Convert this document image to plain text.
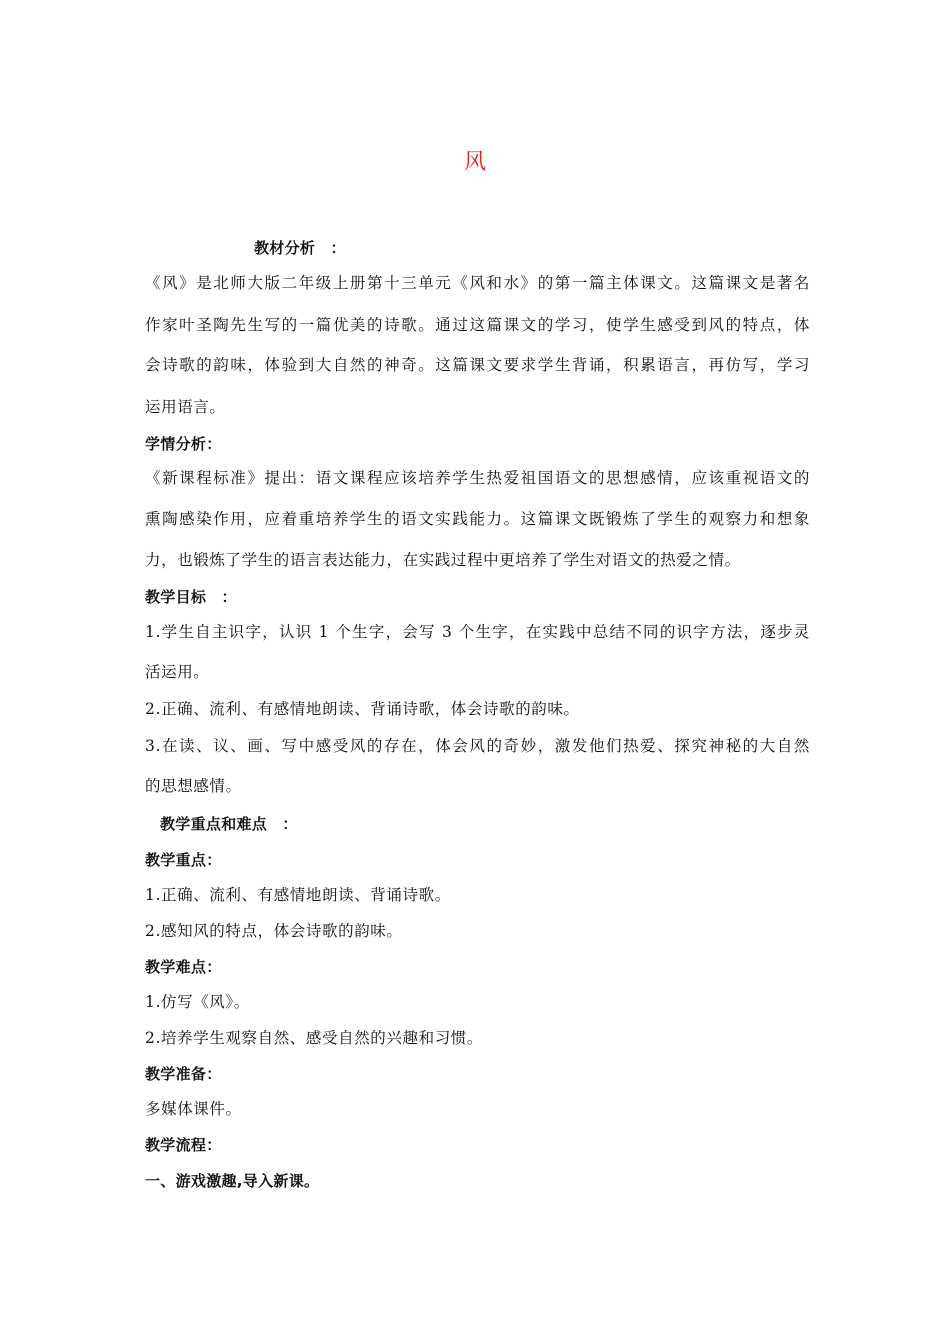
风
教材分析　：
《风》是北师大版二年级上册第十三单元《风和水》的第一篇主体课文。这篇课文是著名
作家叶圣陶先生写的一篇优美的诗歌。通过这篇课文的学习，使学生感受到风的特点，体
会诗歌的韵味，体验到大自然的神奇。这篇课文要求学生背诵，积累语言，再仿写，学习
运用语言。
学情分析：
《新课程标准》提出：语文课程应该培养学生热爱祖国语文的思想感情，应该重视语文的
熏陶感染作用，应着重培养学生的语文实践能力。这篇课文既锻炼了学生的观察力和想象
力，也锻炼了学生的语言表达能力，在实践过程中更培养了学生对语文的热爱之情。
教学目标　：
1.学生自主识字，认识 1 个生字，会写 3 个生字，在实践中总结不同的识字方法，逐步灵
活运用。
2.正确、流利、有感情地朗读、背诵诗歌，体会诗歌的韵味。
3.在读、议、画、写中感受风的存在，体会风的奇妙，激发他们热爱、探究神秘的大自然
的思想感情。
教学重点和难点　：
教学重点：
1.正确、流利、有感情地朗读、背诵诗歌。
2.感知风的特点，体会诗歌的韵味。
教学难点：
1.仿写《风》。
2.培养学生观察自然、感受自然的兴趣和习惯。
教学准备：
多媒体课件。
教学流程：
一、游戏激趣,导入新课。
